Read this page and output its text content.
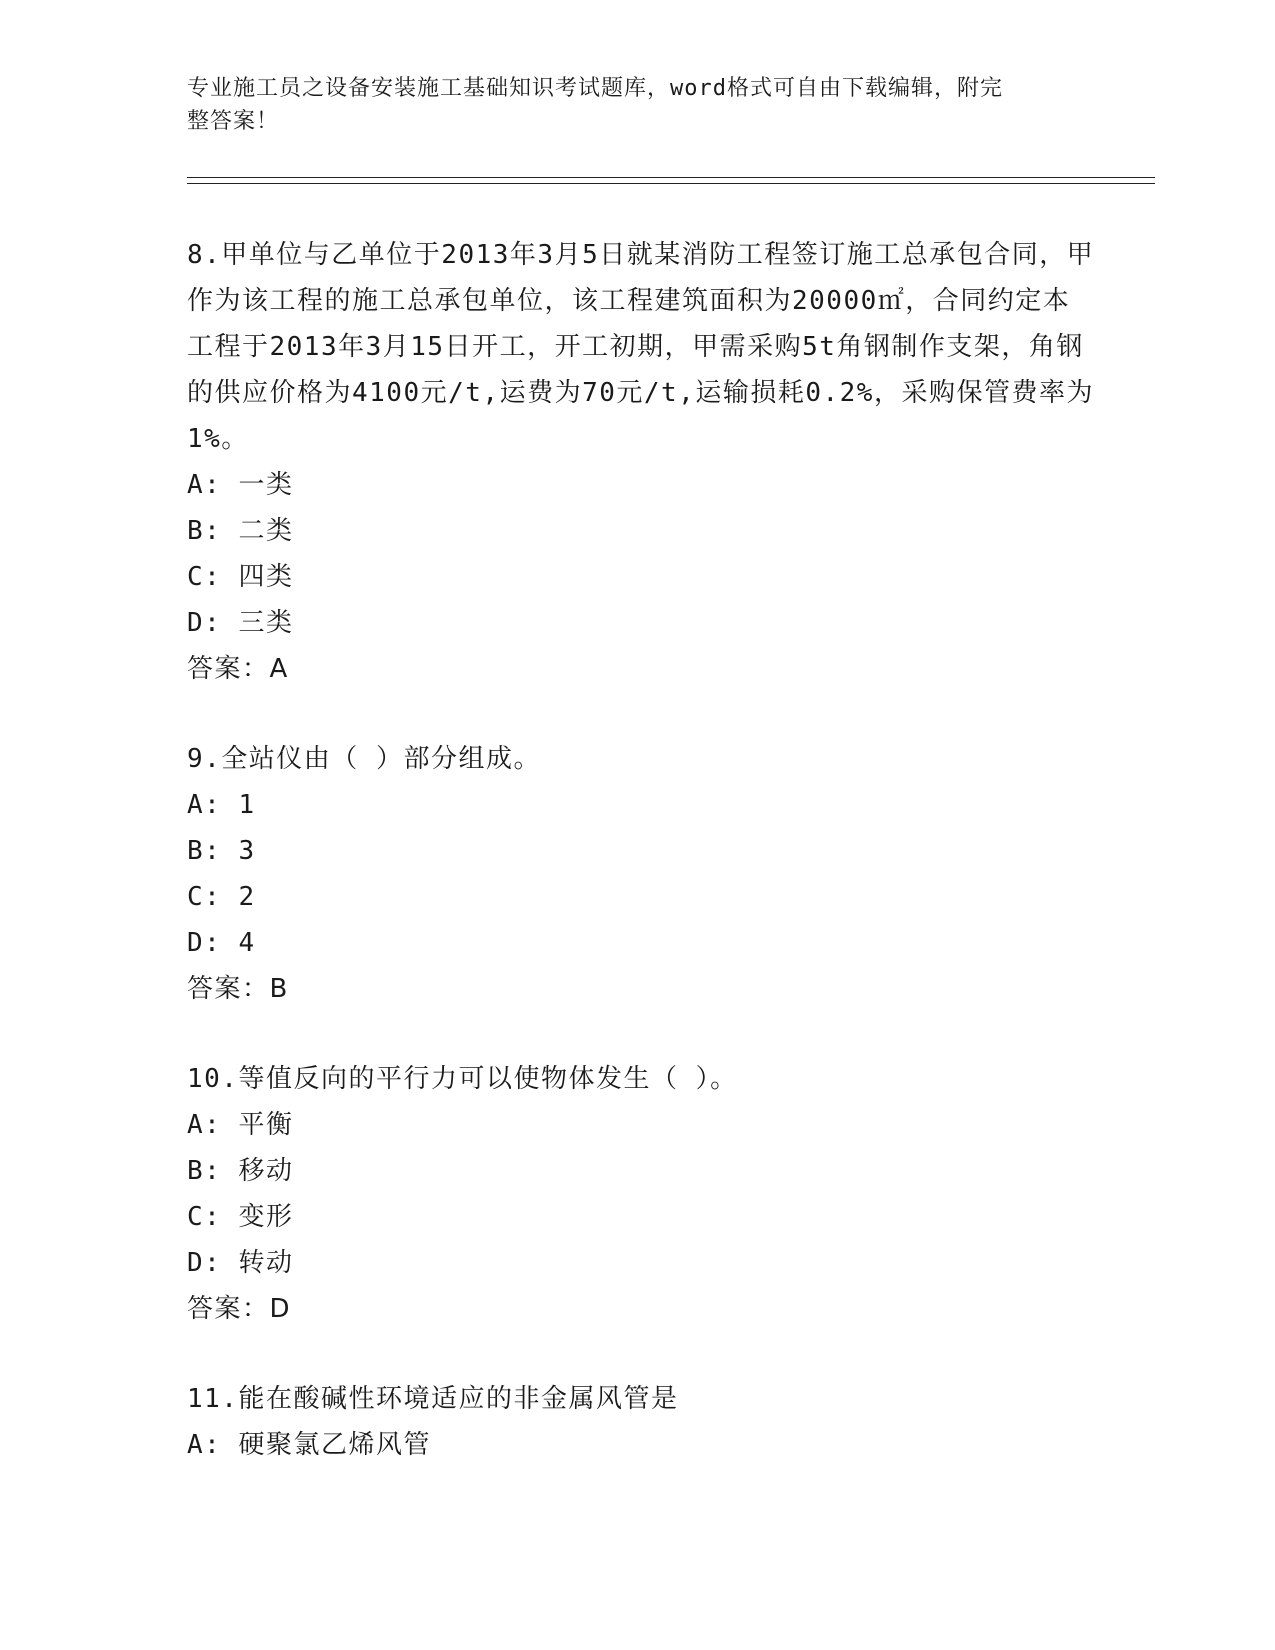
专业施工员之设备安装施工基础知识考试题库，word格式可自由下载编辑，附完
整答案！

8.甲单位与乙单位于2013年3月5日就某消防工程签订施工总承包合同，甲作为该工程的施工总承包单位，该工程建筑面积为20000㎡，合同约定本工程于2013年3月15日开工，开工初期，甲需采购5t角钢制作支架，角钢的供应价格为4100元/t,运费为70元/t,运输损耗0.2%，采购保管费率为1%。

A: 一类

B: 二类

C: 四类

D: 三类

答案：A

9.全站仪由（ ）部分组成。

A: 1

B: 3

C: 2

D: 4

答案：B

10.等值反向的平行力可以使物体发生（ ）。

A: 平衡

B: 移动

C: 变形

D: 转动

答案：D

11.能在酸碱性环境适应的非金属风管是

A: 硬聚氯乙烯风管
